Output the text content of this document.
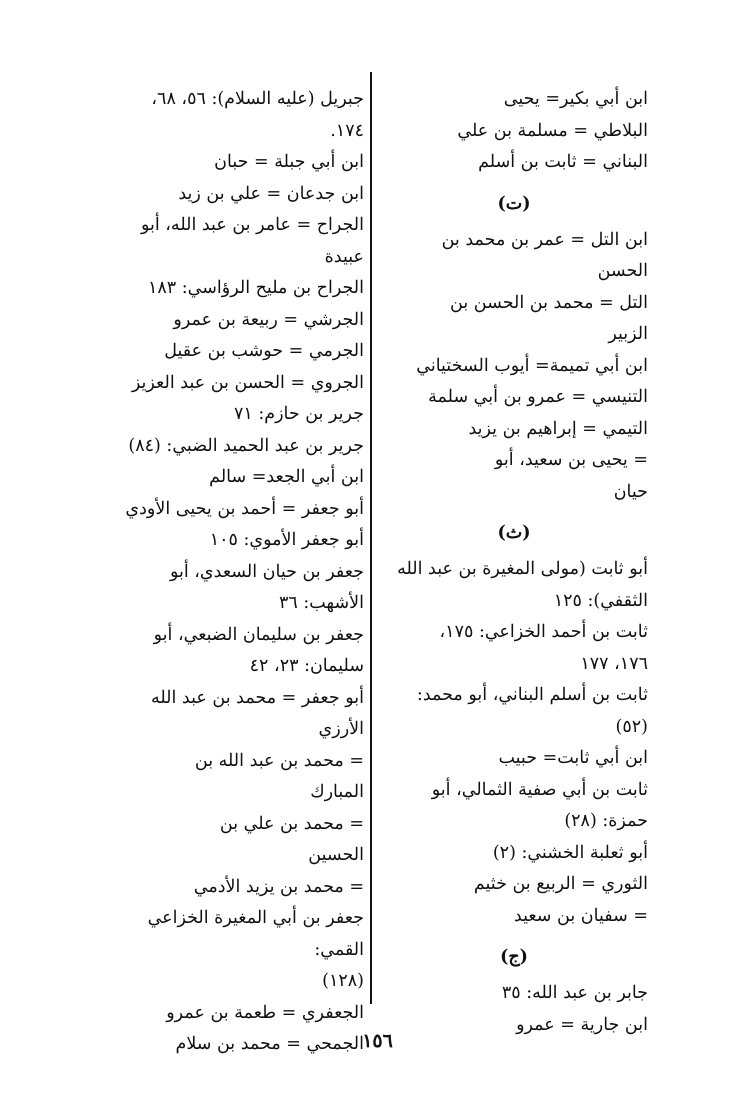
ابن أبي بكير= يحيى
البلاطي = مسلمة بن علي
البناني = ثابت بن أسلم
(ت)
ابن التل = عمر بن محمد بن
الحسن
التل = محمد بن الحسن بن
الزبير
ابن أبي تميمة= أيوب السختياني
التنيسي = عمرو بن أبي سلمة
التيمي = إبراهيم بن يزيد
= يحيى بن سعيد، أبو
حيان
(ث)
أبو ثابت (مولى المغيرة بن عبد الله
الثقفي): ١٢٥
ثابت بن أحمد الخزاعي: ١٧٥،
١٧٦، ١٧٧
ثابت بن أسلم البناني، أبو محمد:
(٥٢)
ابن أبي ثابت= حبيب
ثابت بن أبي صفية الثمالي، أبو
حمزة: (٢٨)
أبو ثعلبة الخشني: (٢)
الثوري = الربيع بن خثيم
= سفيان بن سعيد
(ج)
جابر بن عبد الله: ٣٥
ابن جارية = عمرو
جبريل (عليه السلام): ٥٦، ٦٨،
١٧٤.
ابن أبي جبلة = حبان
ابن جدعان = علي بن زيد
الجراح = عامر بن عبد الله، أبو
عبيدة
الجراح بن مليح الرؤاسي: ١٨٣
الجرشي = ربيعة بن عمرو
الجرمي = حوشب بن عقيل
الجروي = الحسن بن عبد العزيز
جرير بن حازم: ٧١
جرير بن عبد الحميد الضبي: (٨٤)
ابن أبي الجعد= سالم
أبو جعفر = أحمد بن يحيى الأودي
أبو جعفر الأموي: ١٠٥
جعفر بن حيان السعدي، أبو
الأشهب: ٣٦
جعفر بن سليمان الضبعي، أبو
سليمان: ٢٣، ٤٢
أبو جعفر = محمد بن عبد الله
الأرزي
= محمد بن عبد الله بن
المبارك
= محمد بن علي بن
الحسين
= محمد بن يزيد الأدمي
جعفر بن أبي المغيرة الخزاعي القمي:
(١٢٨)
الجعفري = طعمة بن عمرو
الجمحي = محمد بن سلام
١٥٦
